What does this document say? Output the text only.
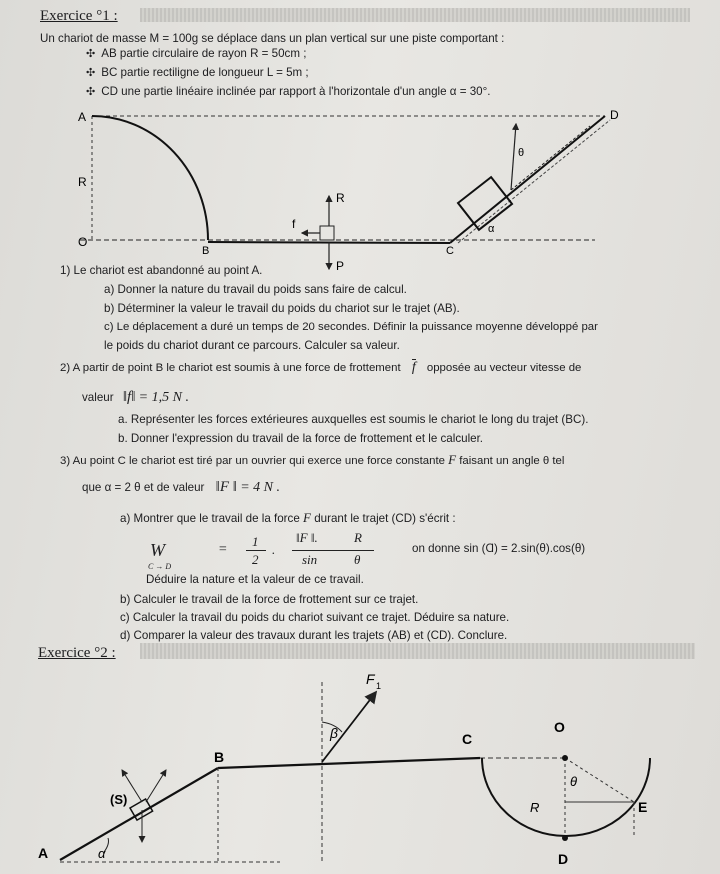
Exercice °1 :
Un chariot de masse M = 100g se déplace dans un plan vertical sur une piste comportant :
✣ AB partie circulaire de rayon R = 50cm ;
✣ BC partie rectiligne de longueur L = 5m ;
✣ CD une partie linéaire inclinée par rapport à l'horizontale d'un angle α = 30°.
A	D
R
O
B	C
θ
α
R
f
P
1) Le chariot est abandonné au point A.
a) Donner la nature du travail du poids sans faire de calcul.
b) Déterminer la valeur le travail du poids du chariot sur le trajet (AB).
c) Le déplacement a duré un temps de 20 secondes. Définir la puissance moyenne développé par
le poids du chariot durant ce parcours. Calculer sa valeur.
2) A partir de point B le chariot est soumis à une force de frottement f opposée au vecteur vitesse de
valeur ‖f‖ = 1,5 N .
a. Représenter les forces extérieures auxquelles est soumis le chariot le long du trajet (BC).
b. Donner l'expression du travail de la force de frottement et le calculer.
3) Au point C le chariot est tiré par un ouvrier qui exerce une force constante F faisant un angle θ tel
que α = 2 θ et de valeur ‖F ‖ = 4 N .
a) Montrer que le travail de la force F durant le trajet (CD) s'écrit :
W
C → D
=
1
2
.
‖F ‖.	R
sin	θ
on donne sin (Ɑ) = 2.sin(θ).cos(θ)
Déduire la nature et la valeur de ce travail.
b) Calculer le travail de la force de frottement sur ce trajet.
c) Calculer la travail du poids du chariot suivant ce trajet. Déduire sa nature.
d) Comparer la valeur des travaux durant les trajets (AB) et (CD). Conclure.
Exercice °2 :
F 1
β
A
B
C
(S)
α
O
D
E
θ
R
